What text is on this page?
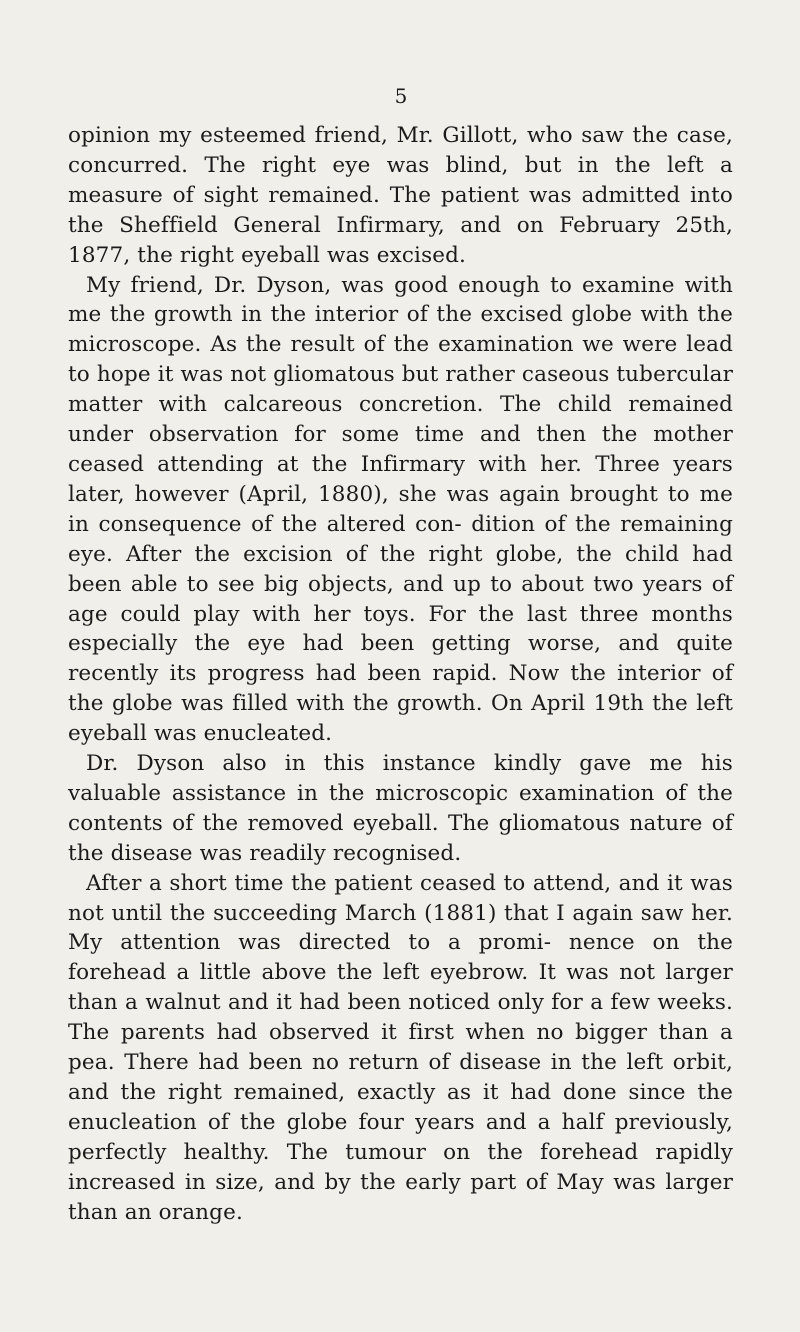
5

opinion my esteemed friend, Mr. Gillott, who saw the case, concurred. The right eye was blind, but in the left a measure of sight remained. The patient was admitted into the Sheffield General Infirmary, and on February 25th, 1877, the right eyeball was excised.

My friend, Dr. Dyson, was good enough to examine with me the growth in the interior of the excised globe with the microscope. As the result of the examination we were lead to hope it was not gliomatous but rather caseous tubercular matter with calcareous concretion. The child remained under observation for some time and then the mother ceased attending at the Infirmary with her. Three years later, however (April, 1880), she was again brought to me in consequence of the altered con- dition of the remaining eye. After the excision of the right globe, the child had been able to see big objects, and up to about two years of age could play with her toys. For the last three months especially the eye had been getting worse, and quite recently its progress had been rapid. Now the interior of the globe was filled with the growth. On April 19th the left eyeball was enucleated.

Dr. Dyson also in this instance kindly gave me his valuable assistance in the microscopic examination of the contents of the removed eyeball. The gliomatous nature of the disease was readily recognised.

After a short time the patient ceased to attend, and it was not until the succeeding March (1881) that I again saw her. My attention was directed to a promi- nence on the forehead a little above the left eyebrow. It was not larger than a walnut and it had been noticed only for a few weeks. The parents had observed it first when no bigger than a pea. There had been no return of disease in the left orbit, and the right remained, exactly as it had done since the enucleation of the globe four years and a half previously, perfectly healthy. The tumour on the forehead rapidly increased in size, and by the early part of May was larger than an orange.
